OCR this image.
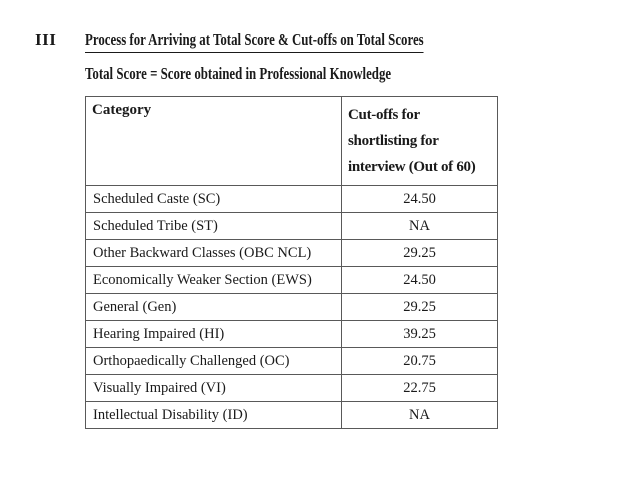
III	Process for Arriving at Total Score & Cut-offs on Total Scores
Total Score = Score obtained in Professional Knowledge
Category	Cut-offs for
shortlisting for
interview (Out of 60)

Scheduled Caste (SC)	24.50
Scheduled Tribe (ST)	NA
Other Backward Classes (OBC NCL)	29.25
Economically Weaker Section (EWS)	24.50
General (Gen)	29.25
Hearing Impaired (HI)	39.25
Orthopaedically Challenged (OC)	20.75
Visually Impaired (VI)	22.75
Intellectual Disability (ID)	NA
